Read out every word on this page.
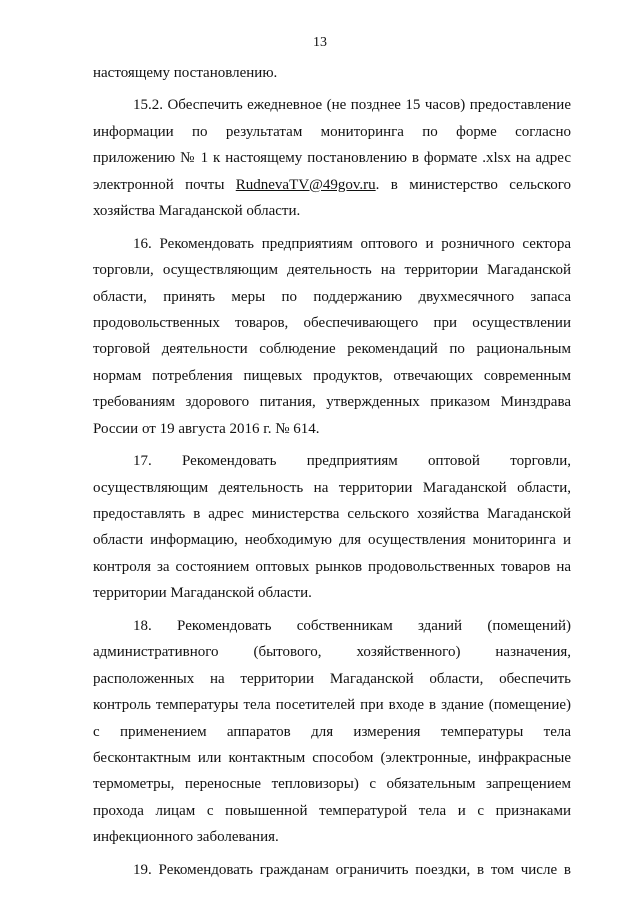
13
настоящему постановлению.
15.2. Обеспечить ежедневное (не позднее 15 часов) предоставление
информации по результатам мониторинга по форме согласно
приложению № 1 к настоящему постановлению в формате .xlsx на адрес
электронной почты RudnevaTV@49gov.ru. в министерство сельского
хозяйства Магаданской области.
16. Рекомендовать предприятиям оптового и розничного сектора
торговли, осуществляющим деятельность на территории Магаданской
области, принять меры по поддержанию двухмесячного запаса
продовольственных товаров, обеспечивающего при осуществлении
торговой деятельности соблюдение рекомендаций по рациональным
нормам потребления пищевых продуктов, отвечающих современным
требованиям здорового питания, утвержденных приказом Минздрава
России от 19 августа 2016 г. № 614.
17. Рекомендовать предприятиям оптовой торговли,
осуществляющим деятельность на территории Магаданской области,
предоставлять в адрес министерства сельского хозяйства Магаданской
области информацию, необходимую для осуществления мониторинга и
контроля за состоянием оптовых рынков продовольственных товаров на
территории Магаданской области.
18. Рекомендовать собственникам зданий (помещений)
административного (бытового, хозяйственного) назначения,
расположенных на территории Магаданской области, обеспечить
контроль температуры тела посетителей при входе в здание (помещение)
с применением аппаратов для измерения температуры тела
бесконтактным или контактным способом (электронные, инфракрасные
термометры, переносные тепловизоры) с обязательным запрещением
прохода лицам с повышенной температурой тела и с признаками
инфекционного заболевания.
19. Рекомендовать гражданам ограничить поездки, в том числе в
